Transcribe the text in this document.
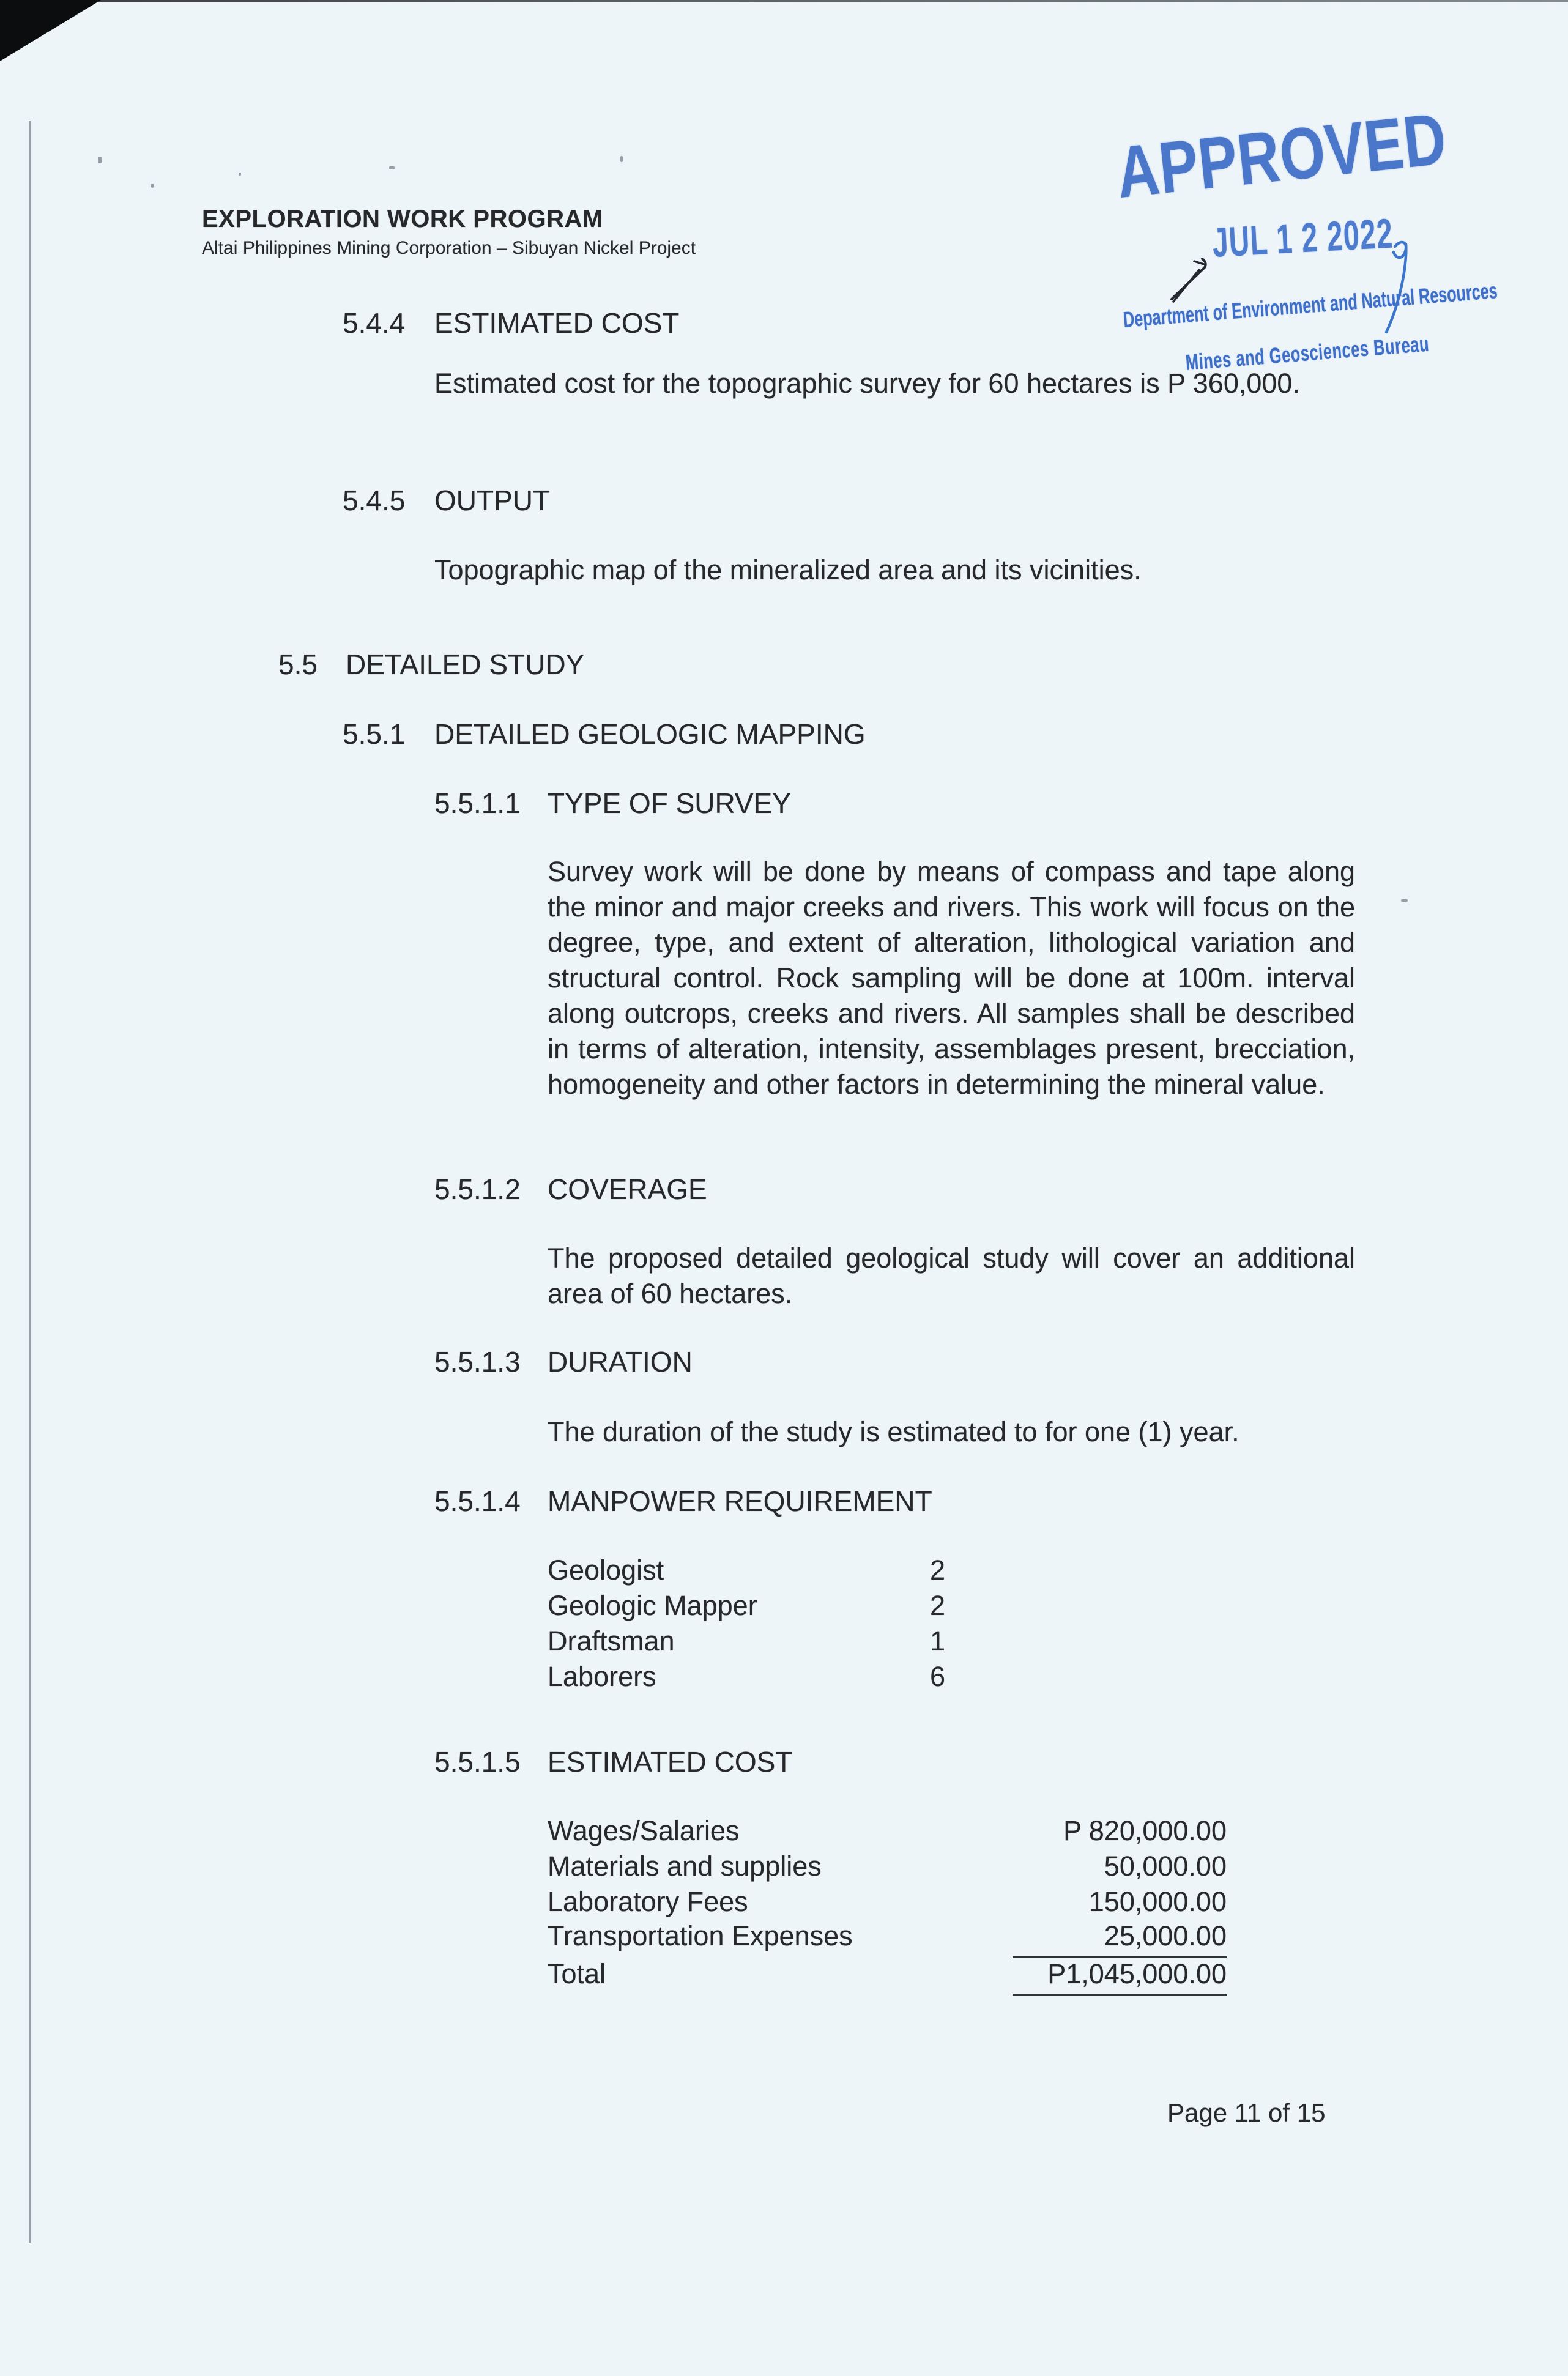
EXPLORATION WORK PROGRAM
Altai Philippines Mining Corporation – Sibuyan Nickel Project
APPROVED
JUL 1 2 2022
Department of Environment and Natural Resources
Mines and Geosciences Bureau
5.4.4	ESTIMATED COST

Estimated cost for the topographic survey for 60 hectares is P 360,000.

5.4.5	OUTPUT

Topographic map of the mineralized area and its vicinities.

5.5	DETAILED STUDY
5.5.1	DETAILED GEOLOGIC MAPPING
5.5.1.1 TYPE OF SURVEY

Survey work will be done by means of compass and tape along the minor and major creeks and rivers. This work will focus on the degree, type, and extent of alteration, lithological variation and structural control. Rock sampling will be done at 100m. interval along outcrops, creeks and rivers. All samples shall be described in terms of alteration, intensity, assemblages present, brecciation, homogeneity and other factors in determining the mineral value.

5.5.1.2 COVERAGE

The proposed detailed geological study will cover an additional area of 60 hectares.

5.5.1.3 DURATION

The duration of the study is estimated to for one (1) year.

5.5.1.4 MANPOWER REQUIREMENT
Geologist	2
Geologic Mapper	2
Draftsman	1
Laborers	6
5.5.1.5 ESTIMATED COST
Wages/Salaries	P 820,000.00
Materials and supplies	50,000.00
Laboratory Fees	150,000.00
Transportation Expenses	25,000.00
Total	P1,045,000.00
Page 11 of 15
